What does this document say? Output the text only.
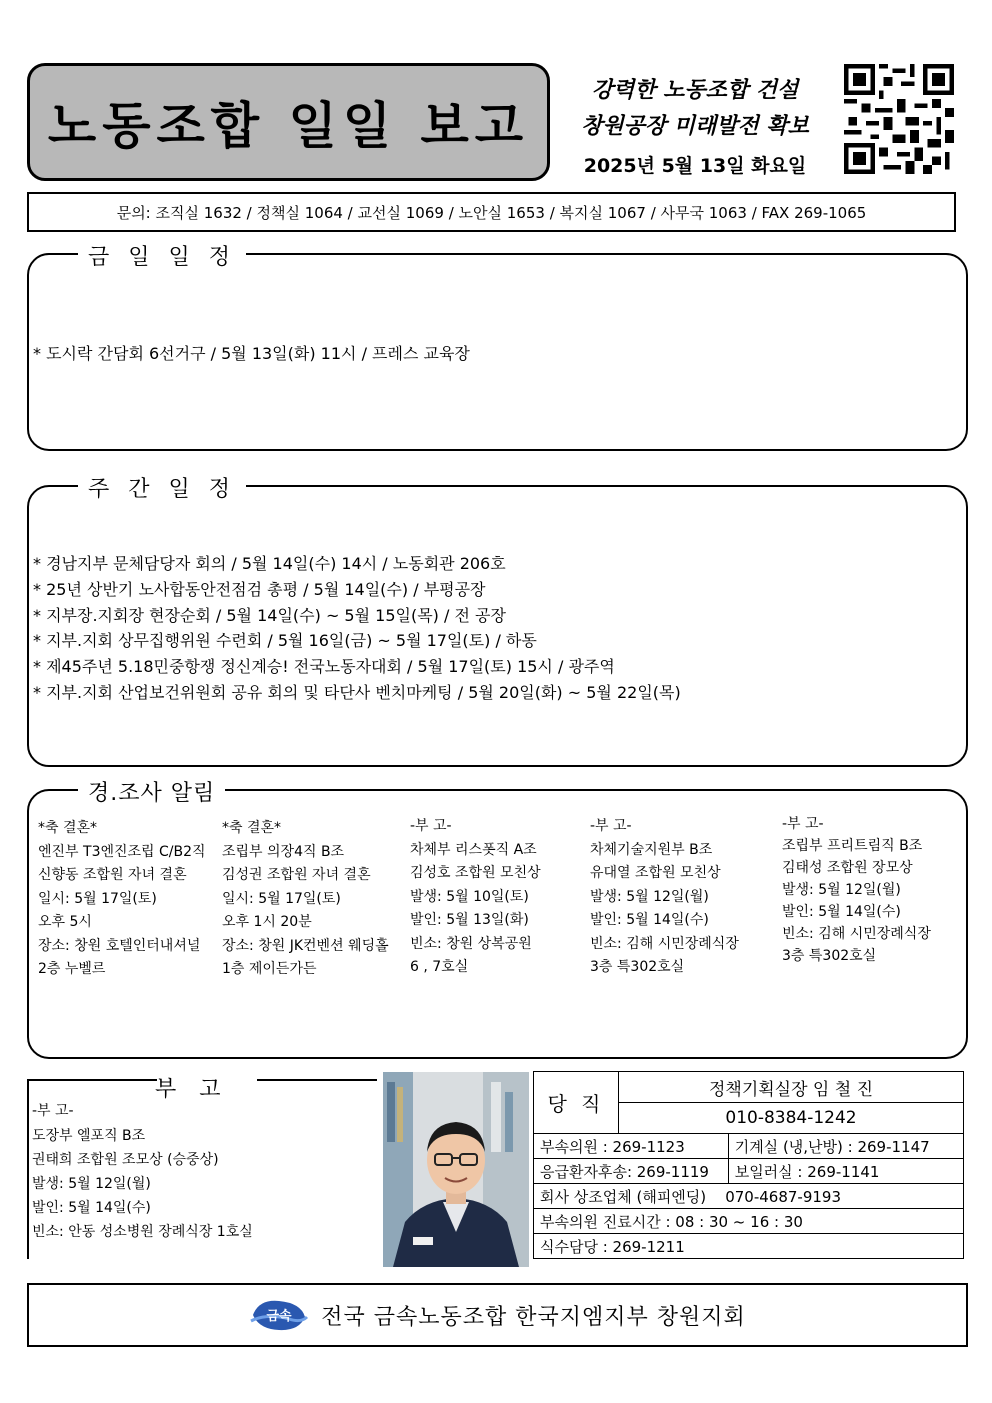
노동조합 일일 보고
강력한 노동조합 건설
창원공장 미래발전 확보
2025년 5월 13일 화요일
문의: 조직실 1632 / 정책실 1064 / 교선실 1069 / 노안실 1653 / 복지실 1067 / 사무국 1063 / FAX 269-1065
금 일 일 정
* 도시락 간담회 6선거구 / 5월 13일(화) 11시 / 프레스 교육장
주 간 일 정
* 경남지부 문체담당자 회의 / 5월 14일(수) 14시 / 노동회관 206호
* 25년 상반기 노사합동안전점검 총평 / 5월 14일(수) / 부평공장
* 지부장.지회장 현장순회 / 5월 14일(수) ~ 5월 15일(목) / 전 공장
* 지부.지회 상무집행위원 수련회 / 5월 16일(금) ~ 5월 17일(토) / 하동
* 제45주년 5.18민중항쟁 정신계승! 전국노동자대회 / 5월 17일(토) 15시 / 광주역
* 지부.지회 산업보건위원회 공유 회의 및 타단사 벤치마케팅 / 5월 20일(화) ~ 5월 22일(목)
경.조사 알림
*축 결혼*
엔진부 T3엔진조립 C/B2직
신향동 조합원 자녀 결혼
일시: 5월 17일(토)
오후 5시
장소: 창원 호텔인터내셔널
2층 누벨르
*축 결혼*
조립부 의장4직 B조
김성권 조합원 자녀 결혼
일시: 5월 17일(토)
오후 1시 20분
장소: 창원 JK컨벤션 웨딩홀
1층 제이든가든
-부 고-
차체부 리스폿직 A조
김성호 조합원 모친상
발생: 5월 10일(토)
발인: 5월 13일(화)
빈소: 창원 상복공원
6 , 7호실
-부 고-
차체기술지원부 B조
유대열 조합원 모친상
발생: 5월 12일(월)
발인: 5월 14일(수)
빈소: 김해 시민장례식장
3층 특302호실
-부 고-
조립부 프리트림직 B조
김태성 조합원 장모상
발생: 5월 12일(월)
발인: 5월 14일(수)
빈소: 김해 시민장례식장
3층 특302호실
부 고
-부 고-
도장부 엘포직 B조
권태희 조합원 조모상 (승중상)
발생: 5월 12일(월)
발인: 5월 14일(수)
빈소: 안동 성소병원 장례식장 1호실
당 직	정책기획실장 임 철 진	
	010-8384-1242	
부속의원 : 269-1123		기계실 (냉,난방) : 269-1147
응급환자후송: 269-1119		보일러실 : 269-1141
회사 상조업체 (해피엔딩)    070-4687-9193		
부속의원 진료시간 : 08 : 30 ~ 16 : 30		
식수담당 : 269-1211		
금속 전국 금속노동조합 한국지엠지부 창원지회
